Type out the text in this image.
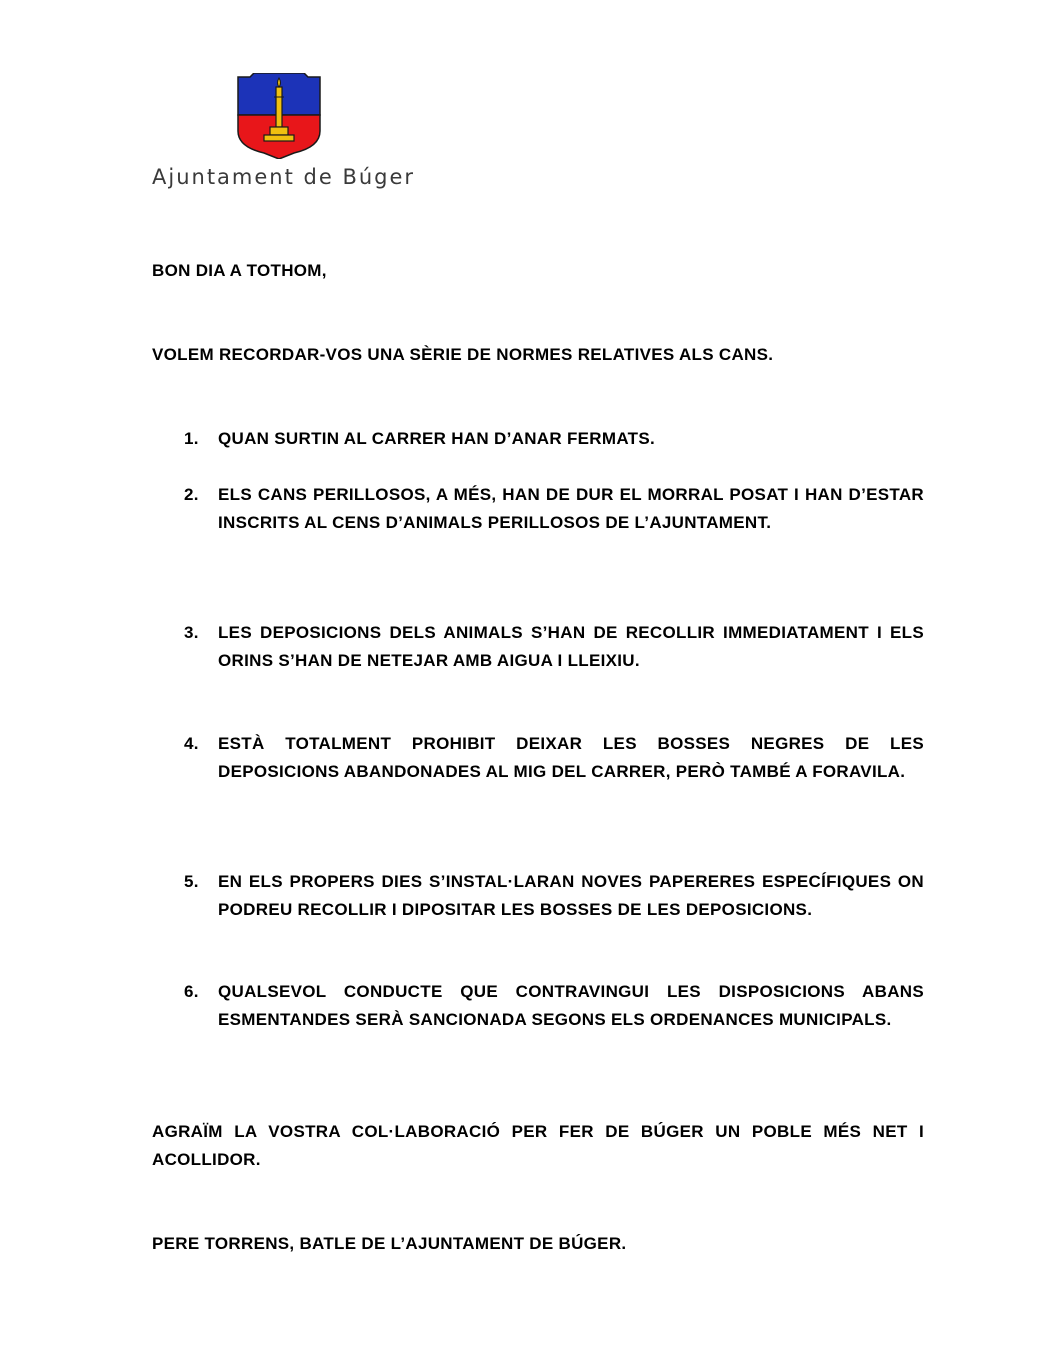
Ajuntament de Búger
BON DIA A TOTHOM,
VOLEM RECORDAR-VOS UNA SÈRIE DE NORMES RELATIVES ALS CANS.
1.	QUAN SURTIN AL CARRER HAN D’ANAR FERMATS.
2.	ELS CANS PERILLOSOS, A MÉS, HAN DE DUR EL MORRAL POSAT I HAN D’ESTAR INSCRITS AL CENS D’ANIMALS PERILLOSOS DE L’AJUNTAMENT.
3.	LES DEPOSICIONS DELS ANIMALS S’HAN DE RECOLLIR IMMEDIATAMENT I ELS ORINS S’HAN DE NETEJAR AMB AIGUA I LLEIXIU.
4.	ESTÀ TOTALMENT PROHIBIT DEIXAR LES BOSSES NEGRES DE LES DEPOSICIONS ABANDONADES AL MIG DEL CARRER, PERÒ TAMBÉ A FORAVILA.
5.	EN ELS PROPERS DIES S’INSTAL·LARAN NOVES PAPERERES ESPECÍFIQUES ON PODREU RECOLLIR I DIPOSITAR LES BOSSES DE LES DEPOSICIONS.
6.	QUALSEVOL CONDUCTE QUE CONTRAVINGUI LES DISPOSICIONS ABANS ESMENTANDES SERÀ SANCIONADA SEGONS ELS ORDENANCES MUNICIPALS.
AGRAÏM LA VOSTRA COL·LABORACIÓ PER FER DE BÚGER UN POBLE MÉS NET I ACOLLIDOR.
PERE TORRENS, BATLE DE L’AJUNTAMENT DE BÚGER.
